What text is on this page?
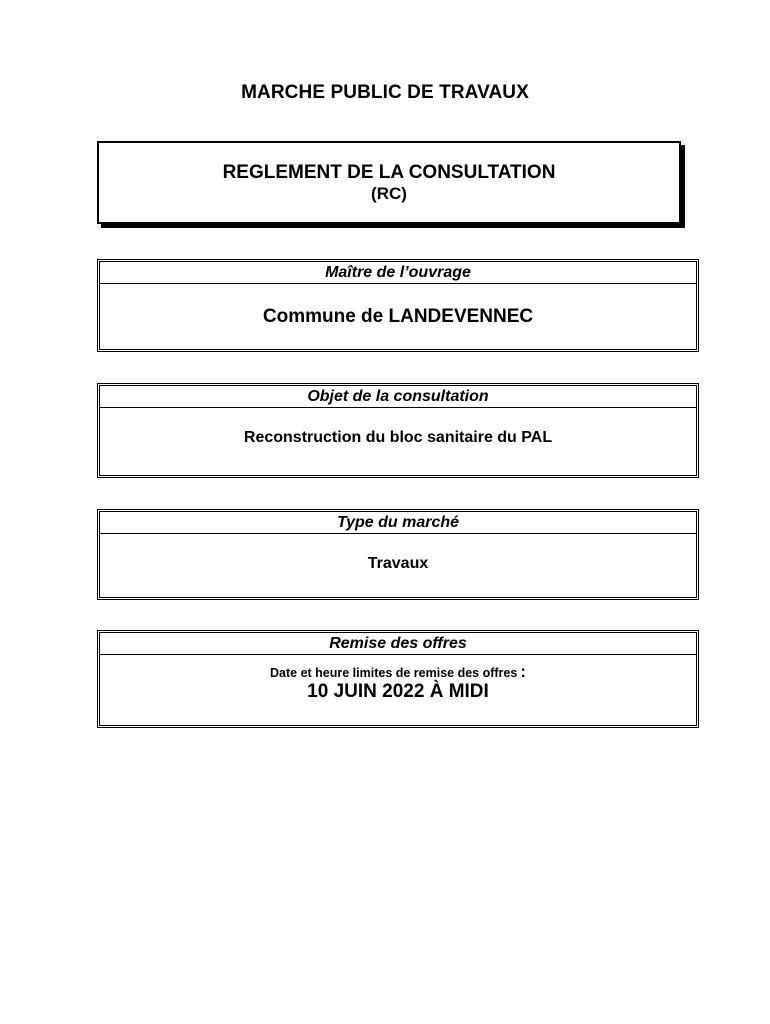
MARCHE PUBLIC DE TRAVAUX
REGLEMENT DE LA CONSULTATION
(RC)
Maître de l’ouvrage
Commune de LANDEVENNEC
Objet de la consultation
Reconstruction du bloc sanitaire du PAL
Type du marché
Travaux
Remise des offres
Date et heure limites de remise des offres :
10 JUIN 2022 À MIDI
